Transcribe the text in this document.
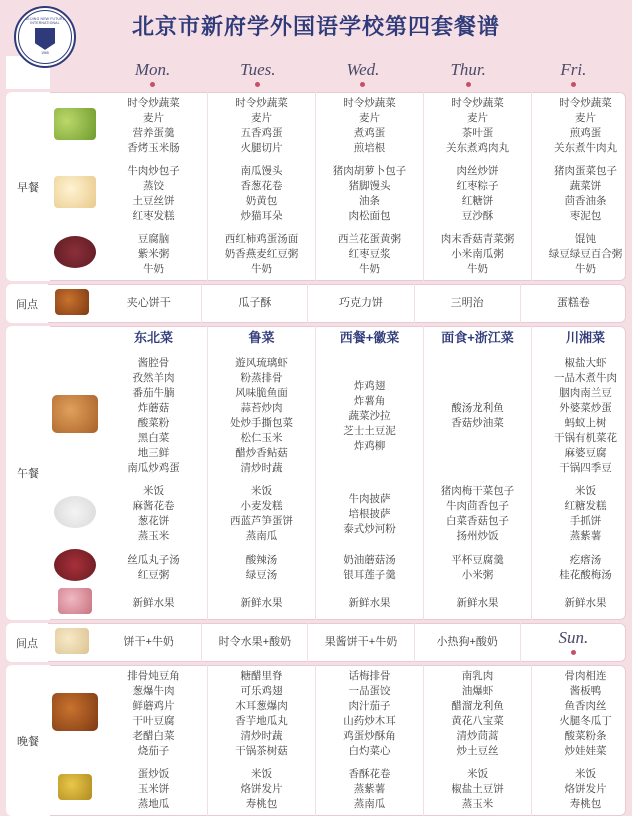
BEIJING NEW FUTURE INTERNATIONAL
1965
北京市新府学外国语学校第四套餐谱
		Mon.	Tues.	Wed.	Thur.	Fri.
早餐		时令炒蔬菜
麦片
营养蛋羹
香烤玉米肠	时令炒蔬菜
麦片
五香鸡蛋
火腿切片	时令炒蔬菜
麦片
煮鸡蛋
煎培根	时令炒蔬菜
麦片
茶叶蛋
关东煮鸡肉丸	时令炒蔬菜
麦片
煎鸡蛋
关东煮牛肉丸
		牛肉炒包子
蒸饺
土豆丝饼
红枣发糕	南瓜馒头
香葱花卷
奶黄包
炒猫耳朵	猪肉胡萝卜包子
猪脚馒头
油条
肉松面包	肉丝炒饼
红枣粽子
红糖饼
豆沙酥	猪肉蛋菜包子
蔬菜饼
茴香油条
枣泥包
		豆腐脑
紫米粥
牛奶	西红柿鸡蛋汤面
奶香燕麦红豆粥
牛奶	西兰花蛋黄粥
红枣豆浆
牛奶	肉末香菇青菜粥
小米南瓜粥
牛奶	馄饨
绿豆绿豆百合粥
牛奶
间点		夹心饼干	瓜子酥	巧克力饼	三明治	蛋糕卷
午餐		东北菜	鲁菜	西餐+徽菜	面食+浙江菜	川湘菜

	酱腔骨
孜然羊肉
番茄牛腩
炸蘑菇
酸菜粉
黑白菜
地三鲜
南瓜炒鸡蛋	遊风琉璃虾
粉蒸排骨
风味脆鱼面
蒜苔炒肉
处炒手撕包菜
松仁玉米
醋炒香鲇菇
清炒时蔬	炸鸡翅
炸薯角
蔬菜沙拉
芝士土豆泥
炸鸡柳	酸汤龙利鱼
香菇炒油菜	椒盐大虾
一品木煮牛肉
胭肉南兰豆
外婆菜炒蛋
蚂蚁上树
干锅有机菜花
麻婆豆腐
干锅四季豆
		米饭
麻酱花卷
葱花饼
蒸玉米	米饭
小麦发糕
西蓝芦笋蛋饼
蒸南瓜	牛肉披萨
培根披萨
泰式炒河粉	猪肉梅干菜包子
牛肉茴香包子
白菜香菇包子
扬州炒饭	米饭
红糖发糕
手抓饼
蒸紫薯
		丝瓜丸子汤
红豆粥	酸辣汤
绿豆汤	奶油蘑菇汤
银耳莲子羹	平杯豆腐羹
小米粥	疙瘩汤
桂花酸梅汤
		新鲜水果	新鲜水果	新鲜水果	新鲜水果	新鲜水果
间点		饼干+牛奶	时令水果+酸奶	果酱饼干+牛奶	小热狗+酸奶	Sun.
晚餐		排骨炖豆角
葱爆牛肉
鲜蘑鸡片
干叶豆腐
老醋白菜
烧茄子	糖醋里脊
可乐鸡翅
木耳葱爆肉
香芋地瓜丸
清炒时蔬
干锅茶树菇	话梅排骨
一品蛋饺
肉汁茄子
山药炒木耳
鸡蛋炒酥角
白灼菜心	南乳肉
油爆虾
醋溜龙利鱼
黄花八宝菜
清炒茼蒿
炒土豆丝	骨肉相连
酱板鸭
鱼香肉丝
火腿冬瓜丁
酸菜粉条
炒娃娃菜
		蛋炒饭
玉米饼
蒸地瓜	米饭
烙饼发片
寿桃包	香酥花卷
蒸紫薯
蒸南瓜	米饭
椒盐土豆饼
蒸玉米	米饭
烙饼发片
寿桃包
